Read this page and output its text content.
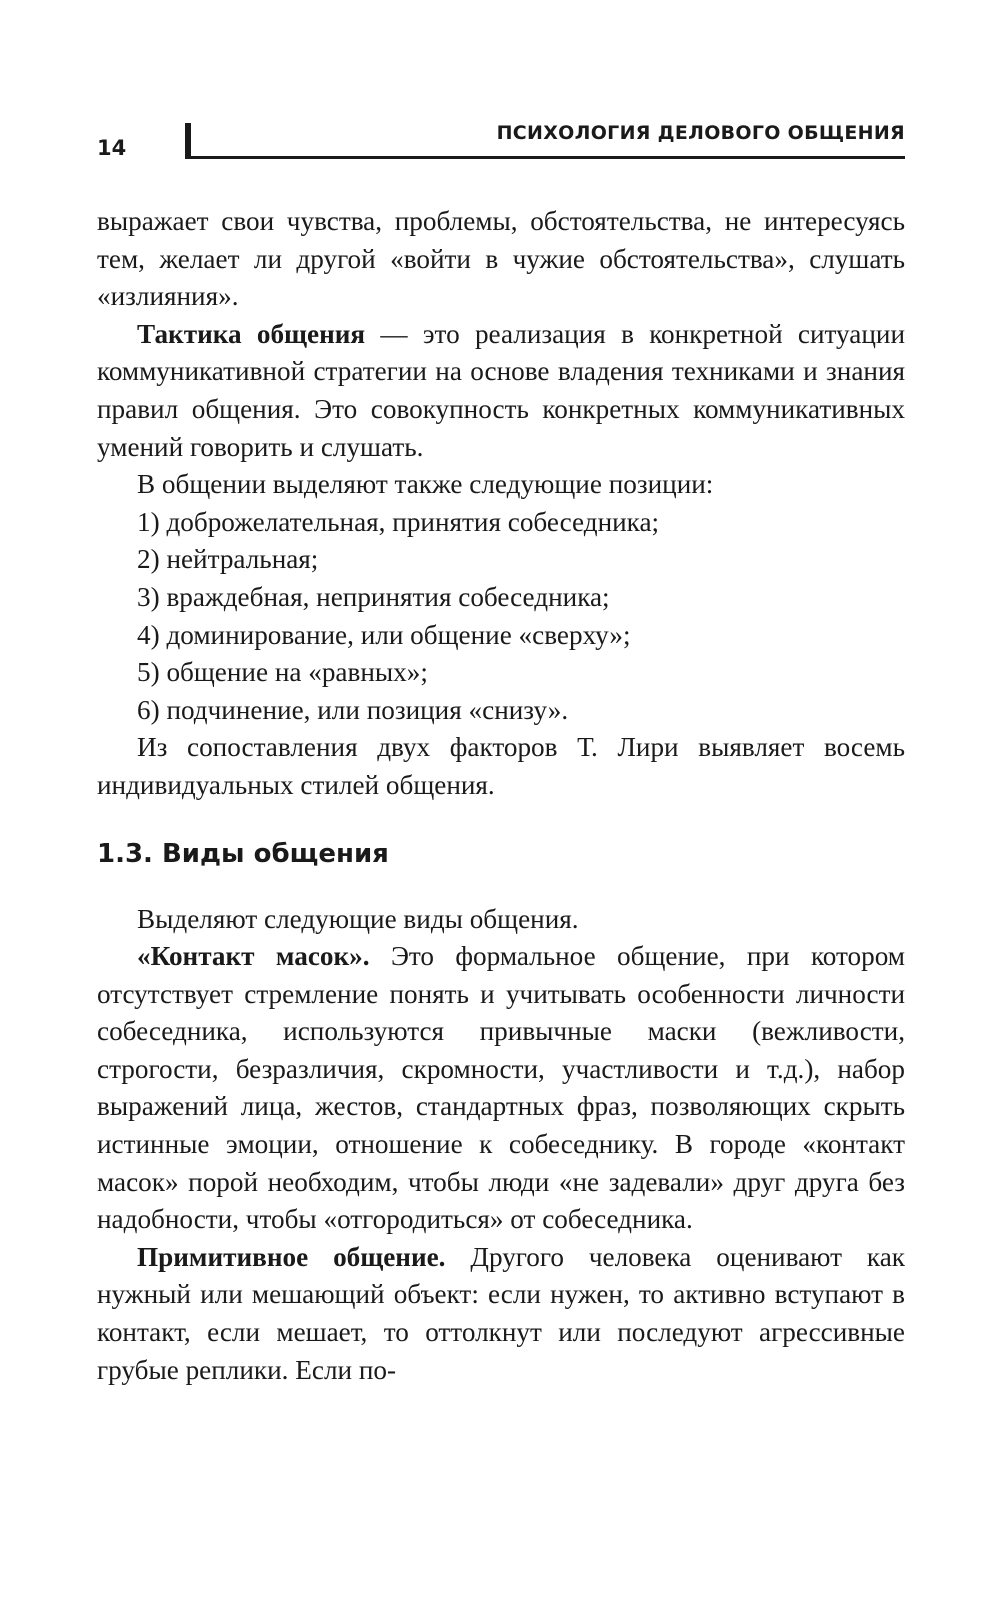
14
ПСИХОЛОГИЯ ДЕЛОВОГО ОБЩЕНИЯ

выражает свои чувства, проблемы, обстоятельства, не интересуясь тем, желает ли другой «войти в чужие обстоятельства», слушать «излияния».

Тактика общения — это реализация в конкретной ситуации коммуникативной стратегии на основе владения техниками и знания правил общения. Это совокупность конкретных коммуникативных умений говорить и слушать.

В общении выделяют также следующие позиции:

1) доброжелательная, принятия собеседника;
2) нейтральная;
3) враждебная, непринятия собеседника;
4) доминирование, или общение «сверху»;
5) общение на «равных»;
6) подчинение, или позиция «снизу».

Из сопоставления двух факторов Т. Лири выявляет восемь индивидуальных стилей общения.

1.3. Виды общения

Выделяют следующие виды общения.

«Контакт масок». Это формальное общение, при котором отсутствует стремление понять и учитывать особенности личности собеседника, используются привычные маски (вежливости, строгости, безразличия, скромности, участливости и т.д.), набор выражений лица, жестов, стандартных фраз, позволяющих скрыть истинные эмоции, отношение к собеседнику. В городе «контакт масок» порой необходим, чтобы люди «не задевали» друг друга без надобности, чтобы «отгородиться» от собеседника.

Примитивное общение. Другого человека оценивают как нужный или мешающий объект: если нужен, то активно вступают в контакт, если мешает, то оттолкнут или последуют агрессивные грубые реплики. Если по-
